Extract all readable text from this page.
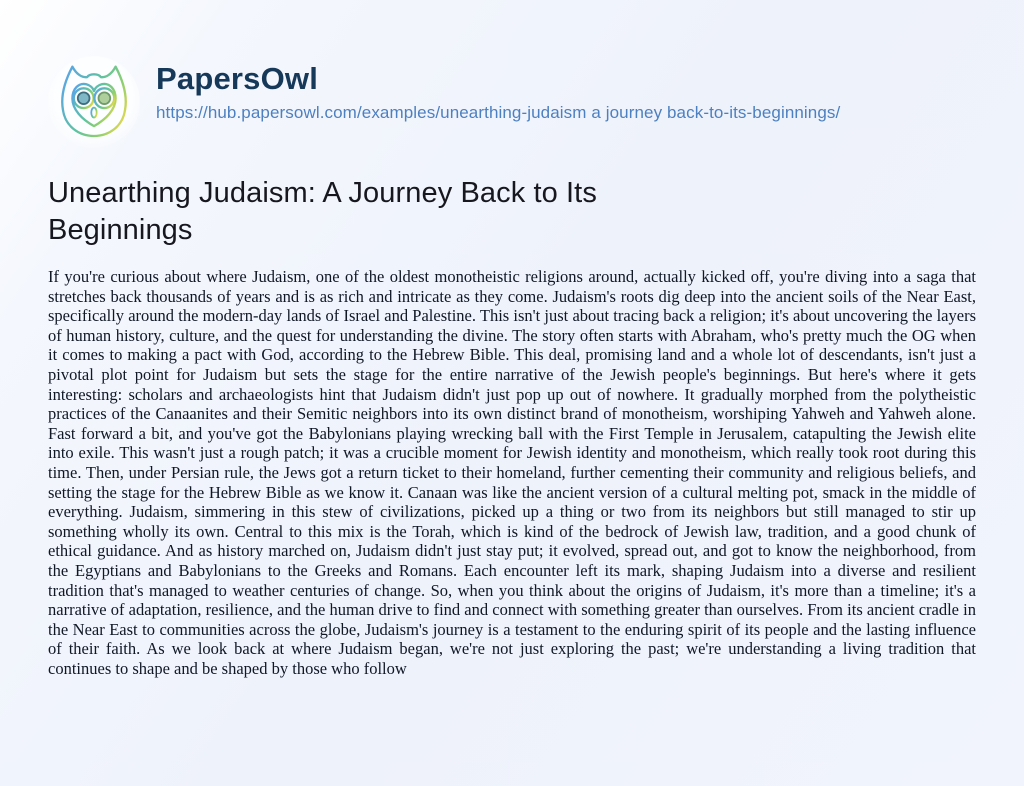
PapersOwl
https://hub.papersowl.com/examples/unearthing-judaism a journey back-to-its-beginnings/
Unearthing Judaism: A Journey Back to Its Beginnings

If you're curious about where Judaism, one of the oldest monotheistic religions around, actually kicked off, you're diving into a saga that stretches back thousands of years and is as rich and intricate as they come. Judaism's roots dig deep into the ancient soils of the Near East, specifically around the modern-day lands of Israel and Palestine. This isn't just about tracing back a religion; it's about uncovering the layers of human history, culture, and the quest for understanding the divine. The story often starts with Abraham, who's pretty much the OG when it comes to making a pact with God, according to the Hebrew Bible. This deal, promising land and a whole lot of descendants, isn't just a pivotal plot point for Judaism but sets the stage for the entire narrative of the Jewish people's beginnings. But here's where it gets interesting: scholars and archaeologists hint that Judaism didn't just pop up out of nowhere. It gradually morphed from the polytheistic practices of the Canaanites and their Semitic neighbors into its own distinct brand of monotheism, worshiping Yahweh and Yahweh alone. Fast forward a bit, and you've got the Babylonians playing wrecking ball with the First Temple in Jerusalem, catapulting the Jewish elite into exile. This wasn't just a rough patch; it was a crucible moment for Jewish identity and monotheism, which really took root during this time. Then, under Persian rule, the Jews got a return ticket to their homeland, further cementing their community and religious beliefs, and setting the stage for the Hebrew Bible as we know it. Canaan was like the ancient version of a cultural melting pot, smack in the middle of everything. Judaism, simmering in this stew of civilizations, picked up a thing or two from its neighbors but still managed to stir up something wholly its own. Central to this mix is the Torah, which is kind of the bedrock of Jewish law, tradition, and a good chunk of ethical guidance. And as history marched on, Judaism didn't just stay put; it evolved, spread out, and got to know the neighborhood, from the Egyptians and Babylonians to the Greeks and Romans. Each encounter left its mark, shaping Judaism into a diverse and resilient tradition that's managed to weather centuries of change. So, when you think about the origins of Judaism, it's more than a timeline; it's a narrative of adaptation, resilience, and the human drive to find and connect with something greater than ourselves. From its ancient cradle in the Near East to communities across the globe, Judaism's journey is a testament to the enduring spirit of its people and the lasting influence of their faith. As we look back at where Judaism began, we're not just exploring the past; we're understanding a living tradition that continues to shape and be shaped by those who follow
